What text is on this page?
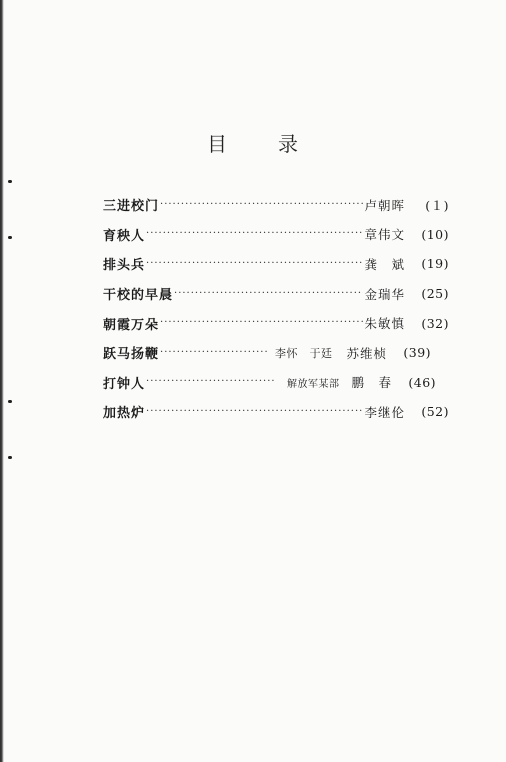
目	录
三进校门 ·····	卢朝晖	(１)
育秧人 ·····	章伟文	(10)
排头兵 ·····	龚　斌	(19)
干校的早晨 ·····	金瑞华	(25)
朝霞万朵 ·····	朱敏慎	(32)
跃马扬鞭 ·····	李怀　于廷 苏维桢	(39)
打钟人 ·····	解放军某部 鹏　春	(46)
加热炉 ·····	李继伦	(52)
